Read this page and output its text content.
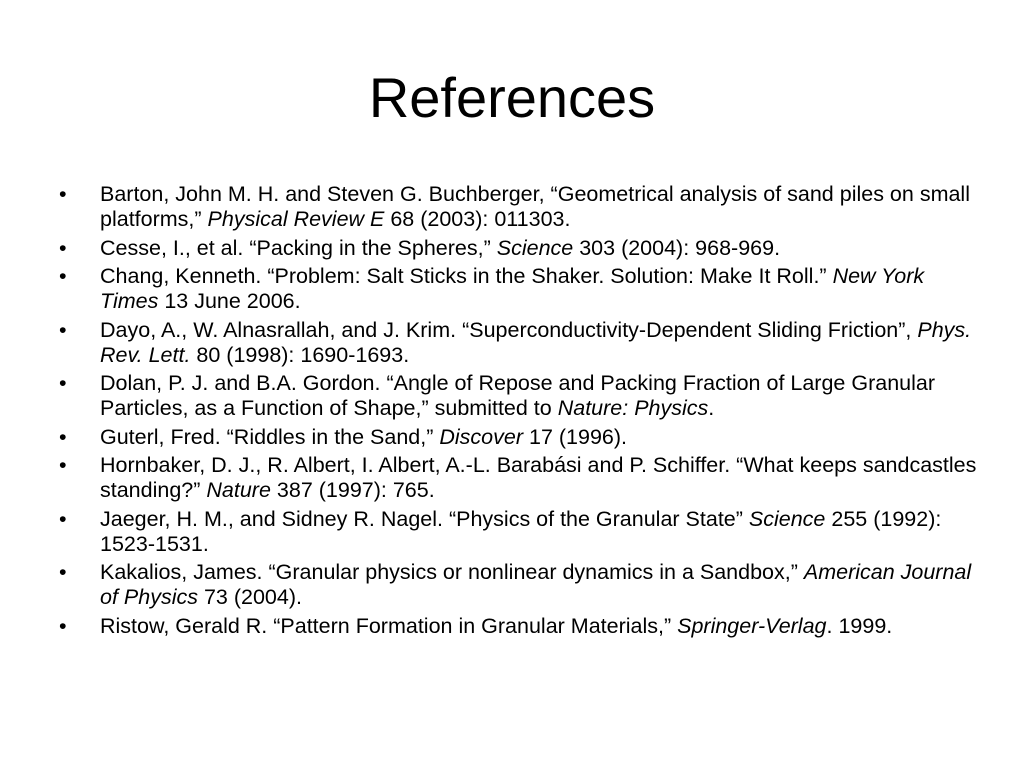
References
• Barton, John M. H. and Steven G. Buchberger, “Geometrical analysis of sand piles on small platforms,” Physical Review E 68 (2003): 011303.
• Cesse, I., et al. “Packing in the Spheres,” Science 303 (2004): 968-969.
• Chang, Kenneth. “Problem: Salt Sticks in the Shaker. Solution: Make It Roll.” New York Times 13 June 2006.
• Dayo, A., W. Alnasrallah, and J. Krim. “Superconductivity-Dependent Sliding Friction”, Phys. Rev. Lett. 80 (1998): 1690-1693.
• Dolan, P. J. and B.A. Gordon. “Angle of Repose and Packing Fraction of Large Granular Particles, as a Function of Shape,” submitted to Nature: Physics.
• Guterl, Fred. “Riddles in the Sand,” Discover 17 (1996).
• Hornbaker, D. J., R. Albert, I. Albert, A.-L. Barabási and P. Schiffer. “What keeps sandcastles standing?” Nature 387 (1997): 765.
• Jaeger, H. M., and Sidney R. Nagel. “Physics of the Granular State” Science 255 (1992): 1523-1531.
• Kakalios, James. “Granular physics or nonlinear dynamics in a Sandbox,” American Journal of Physics 73 (2004).
• Ristow, Gerald R. “Pattern Formation in Granular Materials,” Springer-Verlag. 1999.
